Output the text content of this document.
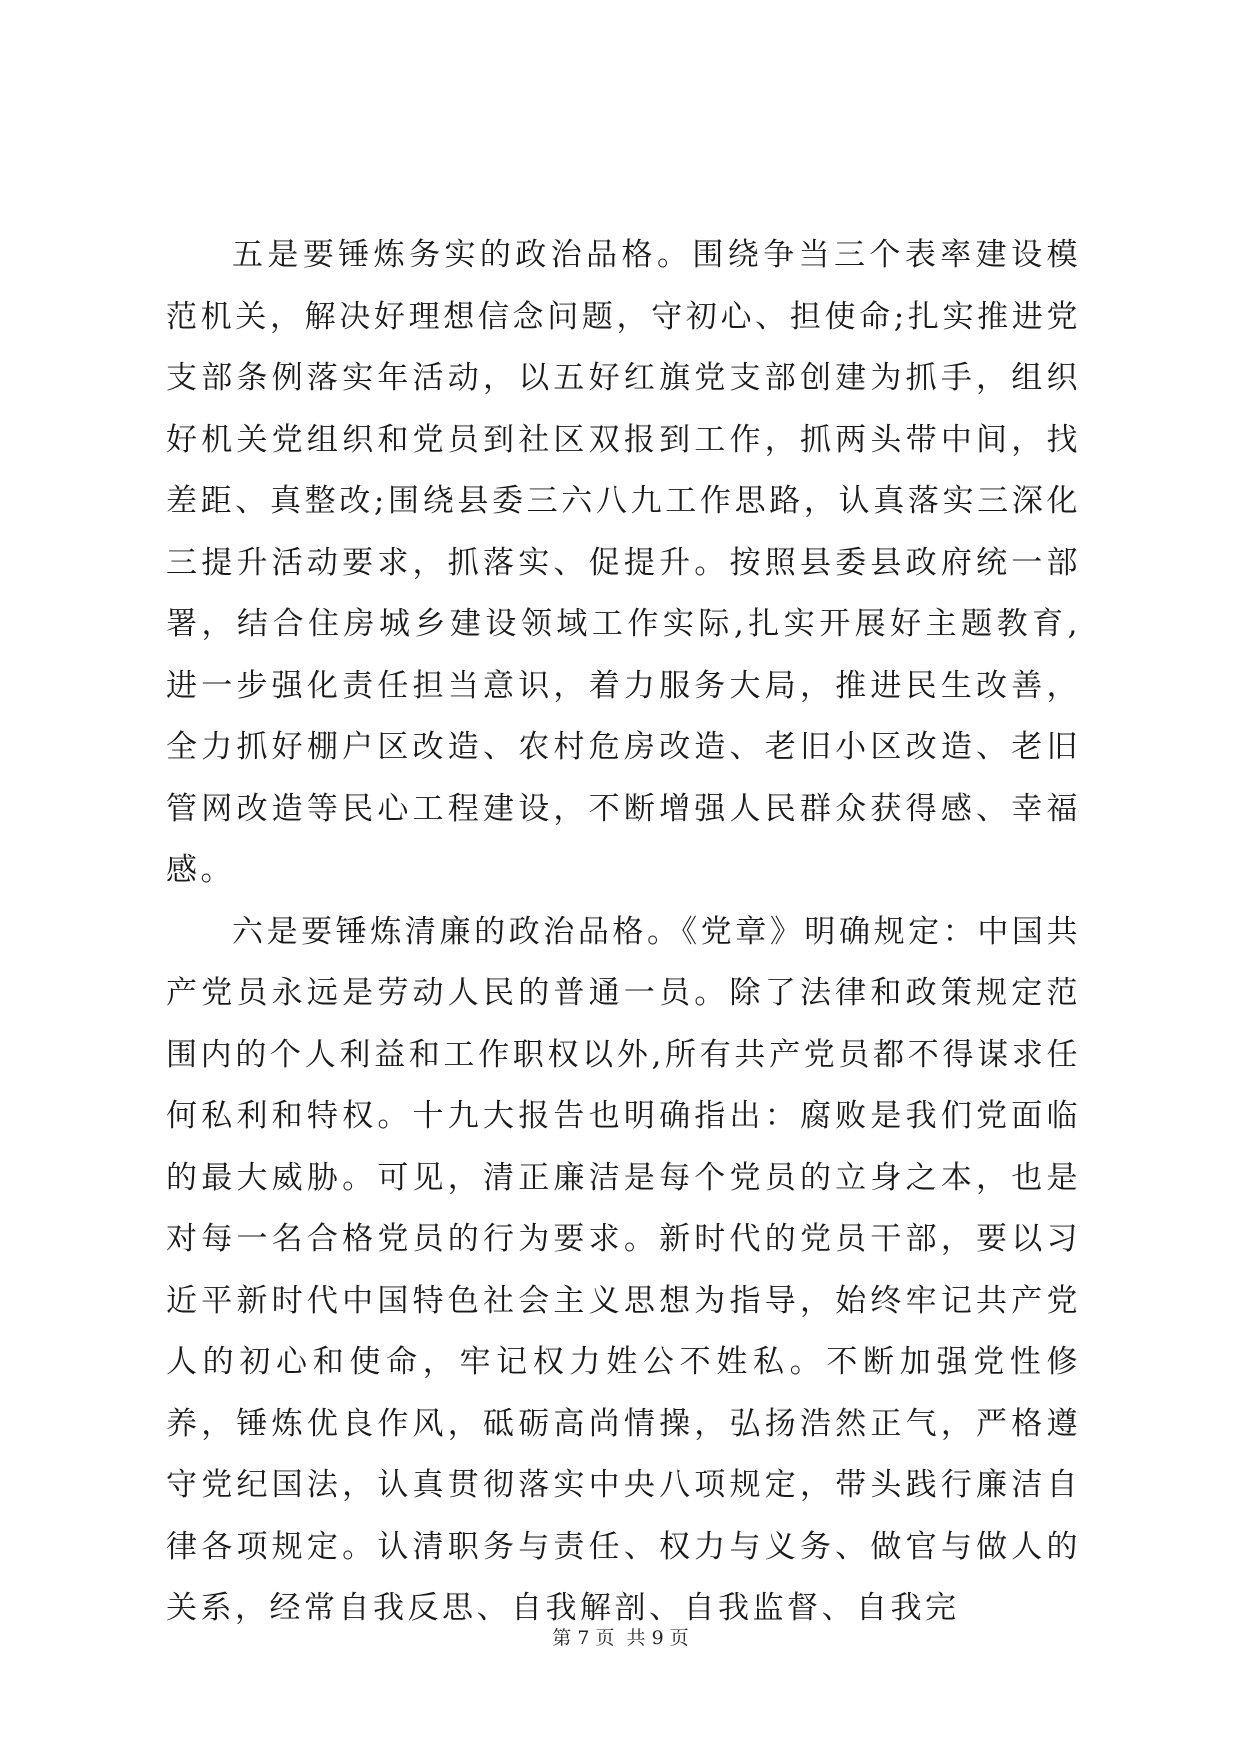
五是要锤炼务实的政治品格。围绕争当三个表率建设模范机关，解决好理想信念问题，守初心、担使命;扎实推进党支部条例落实年活动，以五好红旗党支部创建为抓手，组织好机关党组织和党员到社区双报到工作，抓两头带中间，找差距、真整改;围绕县委三六八九工作思路，认真落实三深化三提升活动要求，抓落实、促提升。按照县委县政府统一部署，结合住房城乡建设领域工作实际,扎实开展好主题教育,进一步强化责任担当意识，着力服务大局，推进民生改善，全力抓好棚户区改造、农村危房改造、老旧小区改造、老旧管网改造等民心工程建设，不断增强人民群众获得感、幸福感。

六是要锤炼清廉的政治品格。《党章》明确规定：中国共产党员永远是劳动人民的普通一员。除了法律和政策规定范围内的个人利益和工作职权以外,所有共产党员都不得谋求任何私利和特权。十九大报告也明确指出：腐败是我们党面临的最大威胁。可见，清正廉洁是每个党员的立身之本，也是对每一名合格党员的行为要求。新时代的党员干部，要以习近平新时代中国特色社会主义思想为指导，始终牢记共产党人的初心和使命，牢记权力姓公不姓私。不断加强党性修养，锤炼优良作风，砥砺高尚情操，弘扬浩然正气，严格遵守党纪国法，认真贯彻落实中央八项规定，带头践行廉洁自律各项规定。认清职务与责任、权力与义务、做官与做人的关系，经常自我反思、自我解剖、自我监督、自我完

第 7 页  共 9 页
